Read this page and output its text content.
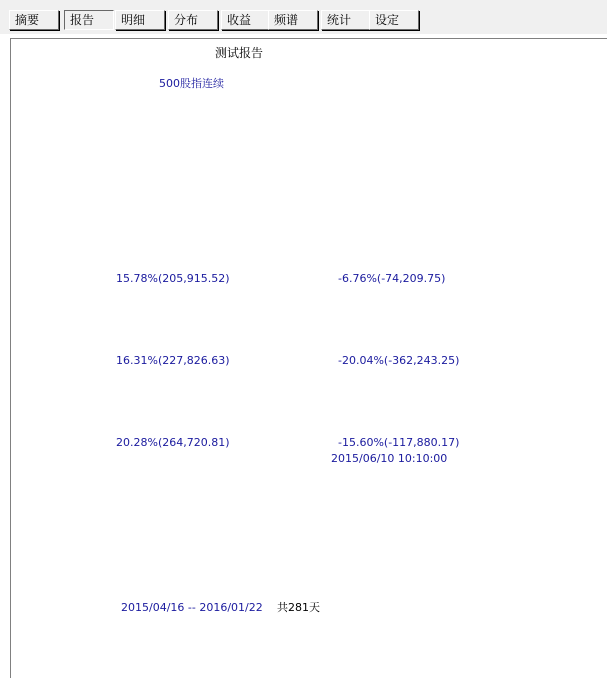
摘要	报告	明细	分布	收益	频谱	统计	设定
测试报告
500股指连续
15.78%(205,915.52)	-6.76%(-74,209.75)
16.31%(227,826.63)	-20.04%(-362,243.25)
20.28%(264,720.81)	-15.60%(-117,880.17)
2015/06/10 10:10:00
2015/04/16 -- 2016/01/22 共281天
